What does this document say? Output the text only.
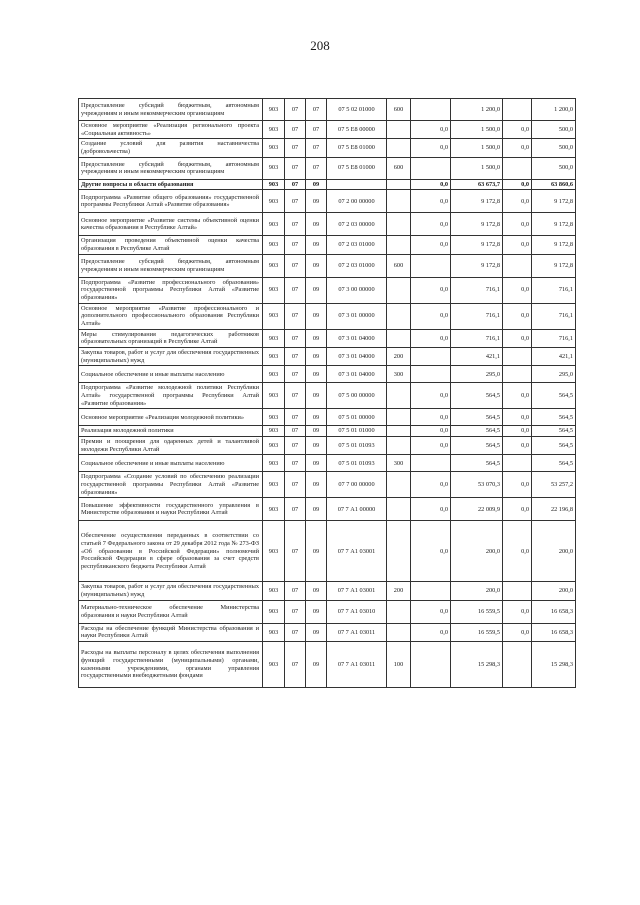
208
Предоставление субсидий бюджетным, автономным учреждениям и иным некоммерческим организациям	903	07	07	07 5 02 01000	600		1 200,0		1 200,0
Основное мероприятие «Реализация регионального проекта «Социальная активность»	903	07	07	07 5 E8 00000		0,0	1 500,0	0,0	500,0
Создание условий для развития наставничества (добровольчества)	903	07	07	07 5 E8 01000		0,0	1 500,0	0,0	500,0
Предоставление субсидий бюджетным, автономным учреждениям и иным некоммерческим организациям	903	07	07	07 5 E8 01000	600		1 500,0		500,0
Другие вопросы в области образования	903	07	09			0,0	63 673,7	0,0	63 860,6
Подпрограмма «Развитие общего образования» государственной программы Республики Алтай «Развитие образования»	903	07	09	07 2 00 00000		0,0	9 172,8	0,0	9 172,8
Основное мероприятие «Развитие системы объективной оценки качества образования в Республике Алтай»	903	07	09	07 2 03 00000		0,0	9 172,8	0,0	9 172,8
Организация проведения объективной оценки качества образования в Республике Алтай	903	07	09	07 2 03 01000		0,0	9 172,8	0,0	9 172,8
Предоставление субсидий бюджетным, автономным учреждениям и иным некоммерческим организациям	903	07	09	07 2 03 01000	600		9 172,8		9 172,8
Подпрограмма «Развитие профессионального образования» государственной программы Республики Алтай «Развитие образования»	903	07	09	07 3 00 00000		0,0	716,1	0,0	716,1
Основное мероприятие «Развитие профессионального и дополнительного профессионального образования Республики Алтай»	903	07	09	07 3 01 00000		0,0	716,1	0,0	716,1
Меры стимулирования педагогических работников образовательных организаций в Республике Алтай	903	07	09	07 3 01 04000		0,0	716,1	0,0	716,1
Закупка товаров, работ и услуг для обеспечения государственных (муниципальных) нужд	903	07	09	07 3 01 04000	200		421,1		421,1
Социальное обеспечение и иные выплаты населению	903	07	09	07 3 01 04000	300		295,0		295,0
Подпрограмма «Развитие молодежной политики Республики Алтай» государственной программы Республики Алтай «Развитие образования»	903	07	09	07 5 00 00000		0,0	564,5	0,0	564,5
Основное мероприятие «Реализация молодежной политики»	903	07	09	07 5 01 00000		0,0	564,5	0,0	564,5
Реализация молодежной политики	903	07	09	07 5 01 01000		0,0	564,5	0,0	564,5
Премии и поощрения для одаренных детей и талантливой молодежи Республики Алтай	903	07	09	07 5 01 01093		0,0	564,5	0,0	564,5
Социальное обеспечение и иные выплаты населению	903	07	09	07 5 01 01093	300		564,5		564,5
Подпрограмма «Создание условий по обеспечению реализации государственной программы Республики Алтай «Развитие образования»	903	07	09	07 7 00 00000		0,0	53 070,3	0,0	53 257,2
Повышение эффективности государственного управления в Министерстве образования и науки Республики Алтай	903	07	09	07 7 А1 00000		0,0	22 009,9	0,0	22 196,8
Обеспечение осуществления переданных в соответствии со статьей 7 Федерального закона от 29 декабря 2012 года № 273-ФЗ «Об образовании в Российской Федерации» полномочий Российской Федерации в сфере образования за счет средств республиканского бюджета Республики Алтай	903	07	09	07 7 А1 03001		0,0	200,0	0,0	200,0
Закупка товаров, работ и услуг для обеспечения государственных (муниципальных) нужд	903	07	09	07 7 А1 03001	200		200,0		200,0
Материально-техническое обеспечение Министерства образования и науки Республики Алтай	903	07	09	07 7 А1 03010		0,0	16 559,5	0,0	16 658,3
Расходы на обеспечение функций Министерства образования и науки Республики Алтай	903	07	09	07 7 А1 03011		0,0	16 559,5	0,0	16 658,3
Расходы на выплаты персоналу в целях обеспечения выполнения функций государственными (муниципальными) органами, казенными учреждениями, органами управления государственными внебюджетными фондами	903	07	09	07 7 А1 03011	100		15 298,3		15 298,3
